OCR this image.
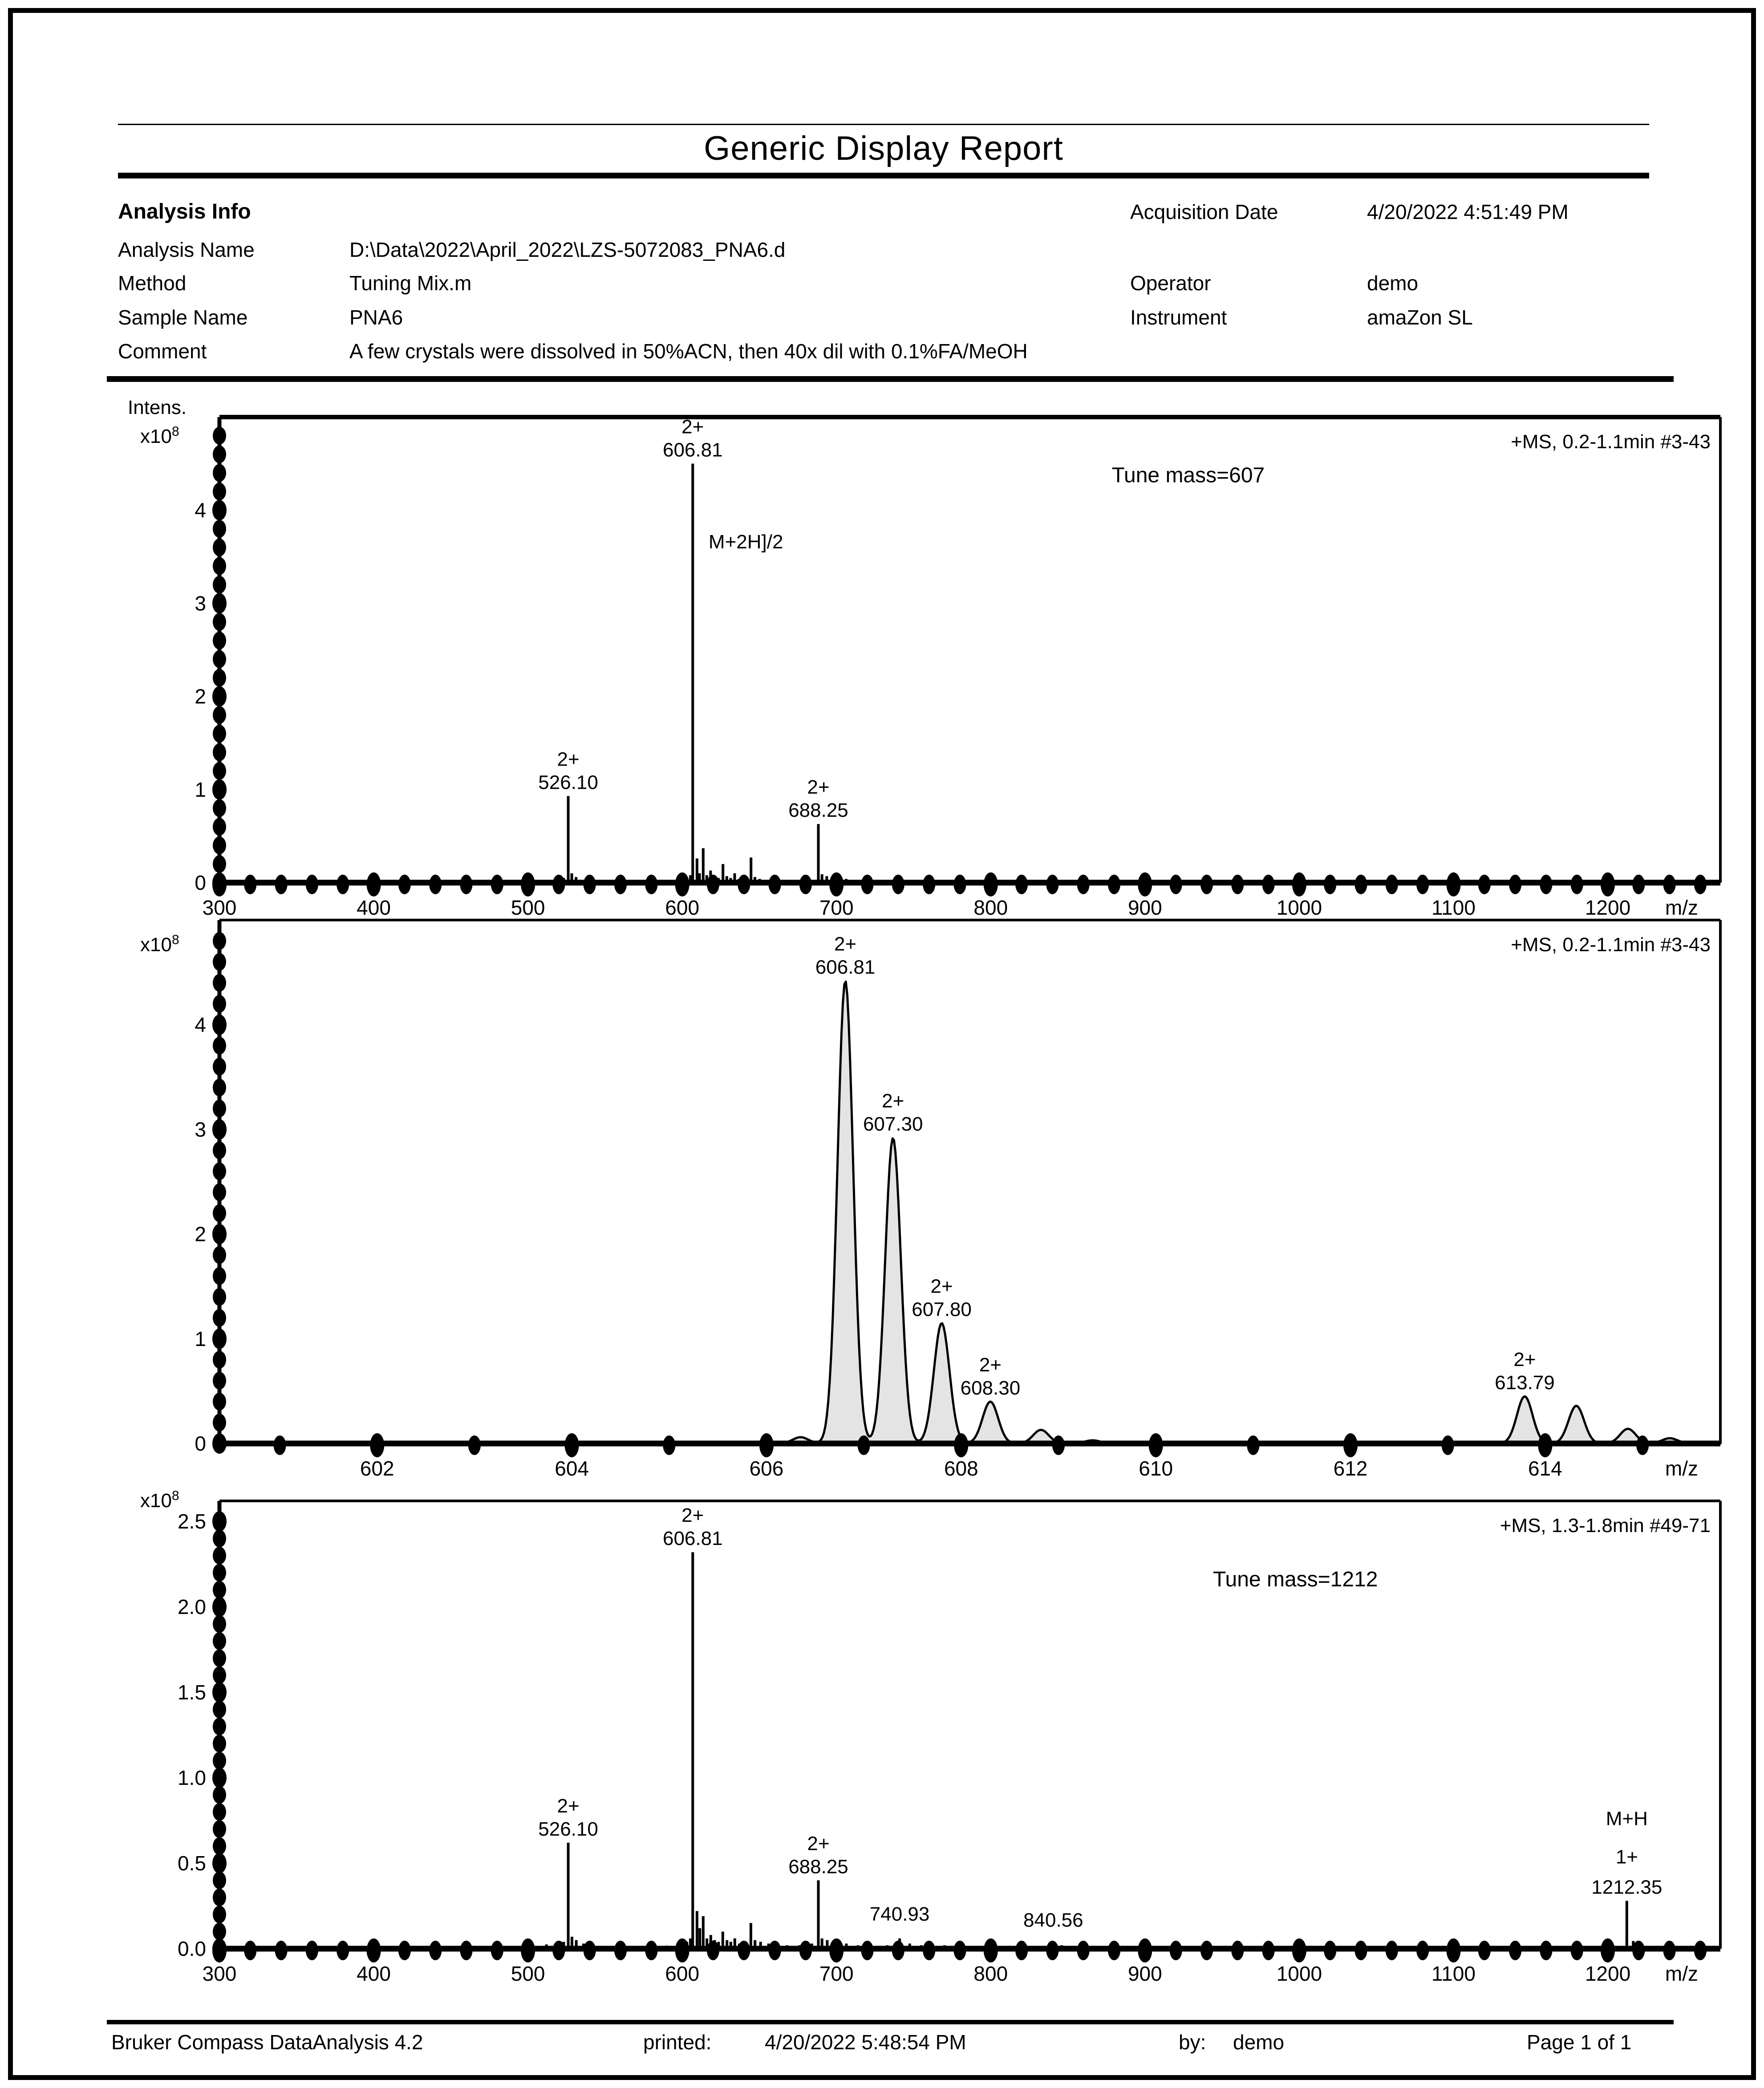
Generic Display Report
Analysis Info
Analysis Name	D:\Data\2022\April_2022\LZS-5072083_PNA6.d
Method	Tuning Mix.m
Sample Name	PNA6
Comment	A few crystals were dissolved in 50%ACN, then 40x dil with 0.1%FA/MeOH
Acquisition Date	4/20/2022 4:51:49 PM
Operator	demo
Instrument	amaZon SL
0
1
2
3
4
300	400	500	600	700	800	900	1000	1100	1200 m/z
+MS, 0.2-1.1min #3-43
Intens.
$x10^8$
2+
526.10
2+
606.81
2+
688.25
M+2H]/2
Tune mass=607
0
1
2
3
4
602	604	606	608	610	612	614	m/z
+MS, 0.2-1.1min #3-43
$x10^8$	2+
606.81
2+
607.30
2+
607.80
2+
608.30
2+
613.79
0.0
0.5
1.0
1.5
2.0
2.5
300	400	500	600	700	800	900	1000	1100	1200 m/z
+MS, 1.3-1.8min #49-71
$x10^8$
2+
526.10
2+
606.81
2+
688.25
740.93	840.56
M+H
1+
1212.35
Tune mass=1212
Bruker Compass DataAnalysis 4.2	printed:	4/20/2022 5:48:54 PM	by: demo	Page 1 of 1
